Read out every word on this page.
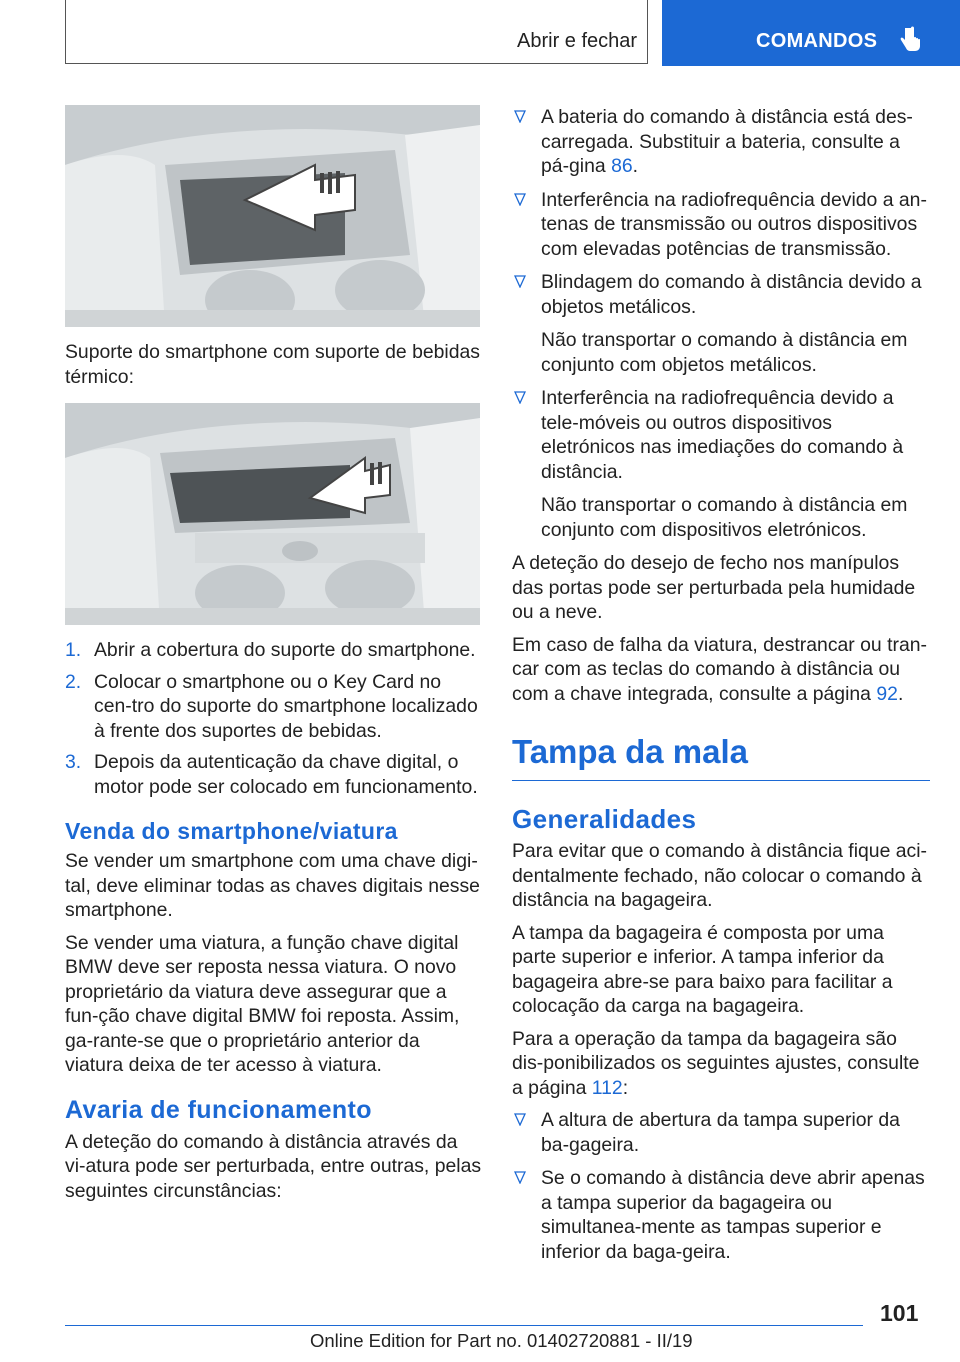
Abrir e fechar	COMANDOS

Suporte do smartphone com suporte de bebidas térmico:

1. Abrir a cobertura do suporte do smartphone.
2. Colocar o smartphone ou o Key Card no cen-tro do suporte do smartphone localizado à frente dos suportes de bebidas.
3. Depois da autenticação da chave digital, o motor pode ser colocado em funcionamento.
Venda do smartphone/viatura

Se vender um smartphone com uma chave digi-tal, deve eliminar todas as chaves digitais nesse smartphone.

Se vender uma viatura, a função chave digital BMW deve ser reposta nessa viatura. O novo proprietário da viatura deve assegurar que a fun-ção chave digital BMW foi reposta. Assim, ga-rante-se que o proprietário anterior da viatura deixa de ter acesso à viatura.

Avaria de funcionamento

A deteção do comando à distância através da vi-atura pode ser perturbada, entre outras, pelas seguintes circunstâncias:

A bateria do comando à distância está des-carregada. Substituir a bateria, consulte a pá-gina 86.
Interferência na radiofrequência devido a an-tenas de transmissão ou outros dispositivos com elevadas potências de transmissão.
Blindagem do comando à distância devido a objetos metálicos.
Não transportar o comando à distância em conjunto com objetos metálicos.
Interferência na radiofrequência devido a tele-móveis ou outros dispositivos eletrónicos nas imediações do comando à distância.
Não transportar o comando à distância em conjunto com dispositivos eletrónicos.

A deteção do desejo de fecho nos manípulos das portas pode ser perturbada pela humidade ou a neve.

Em caso de falha da viatura, destrancar ou tran-car com as teclas do comando à distância ou com a chave integrada, consulte a página 92.

Tampa da mala
Generalidades

Para evitar que o comando à distância fique aci-dentalmente fechado, não colocar o comando à distância na bagageira.

A tampa da bagageira é composta por uma parte superior e inferior. A tampa inferior da bagageira abre-se para baixo para facilitar a colocação da carga na bagageira.

Para a operação da tampa da bagageira são dis-ponibilizados os seguintes ajustes, consulte a página 112:

A altura de abertura da tampa superior da ba-gageira.
Se o comando à distância deve abrir apenas a tampa superior da bagageira ou simultanea-mente as tampas superior e inferior da baga-geira.
101
Online Edition for Part no. 01402720881 - II/19
